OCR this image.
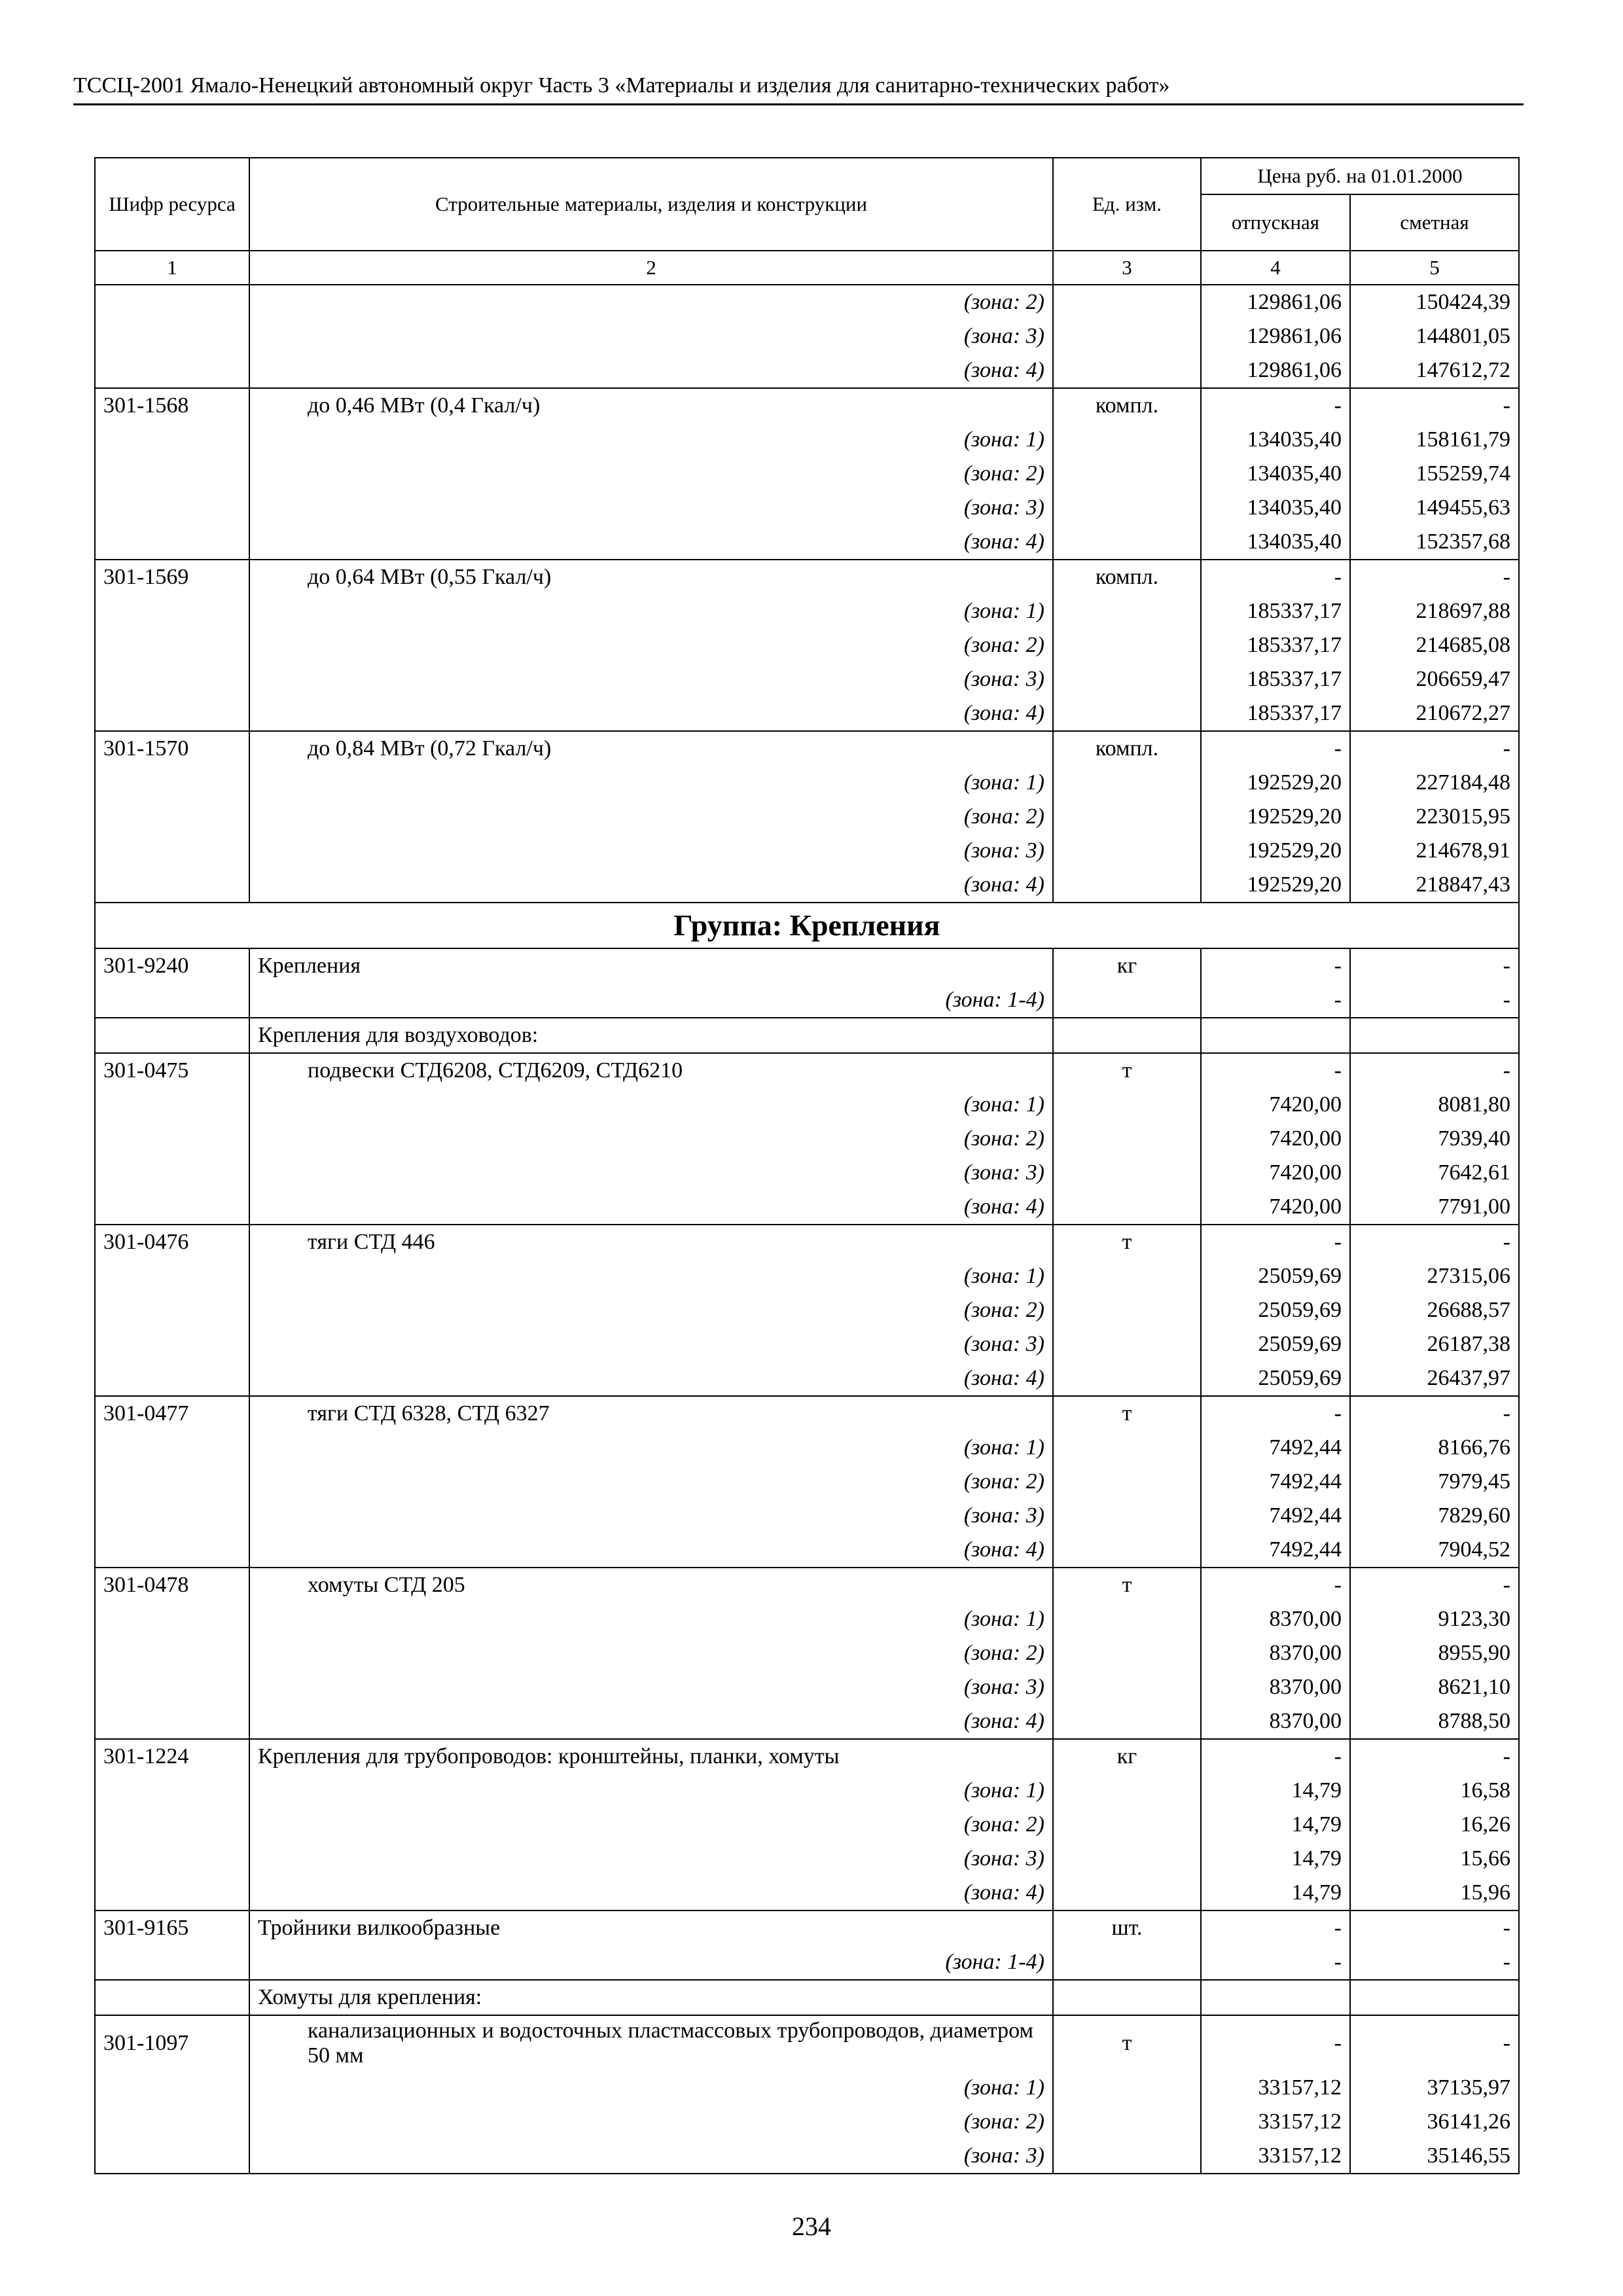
ТССЦ-2001 Ямало-Ненецкий автономный округ Часть 3 «Материалы и изделия для санитарно-технических работ»
Шифр ресурса	Строительные материалы, изделия и конструкции	Ед. изм.	Цена руб. на 01.01.2000	
			отпускная	сметная
1	2	3	4	5
	(зона: 2)		129861,06	150424,39
	(зона: 3)		129861,06	144801,05
	(зона: 4)		129861,06	147612,72
301-1568	до 0,46 МВт (0,4 Гкал/ч)	компл.	-	-
	(зона: 1)		134035,40	158161,79
	(зона: 2)		134035,40	155259,74
	(зона: 3)		134035,40	149455,63
	(зона: 4)		134035,40	152357,68
301-1569	до 0,64 МВт (0,55 Гкал/ч)	компл.	-	-
	(зона: 1)		185337,17	218697,88
	(зона: 2)		185337,17	214685,08
	(зона: 3)		185337,17	206659,47
	(зона: 4)		185337,17	210672,27
301-1570	до 0,84 МВт (0,72 Гкал/ч)	компл.	-	-
	(зона: 1)		192529,20	227184,48
	(зона: 2)		192529,20	223015,95
	(зона: 3)		192529,20	214678,91
	(зона: 4)		192529,20	218847,43
Группа: Крепления				
301-9240	Крепления	кг	-	-
	(зона: 1-4)		-	-
	Крепления для воздуховодов:			
301-0475	подвески СТД6208, СТД6209, СТД6210	т	-	-
	(зона: 1)		7420,00	8081,80
	(зона: 2)		7420,00	7939,40
	(зона: 3)		7420,00	7642,61
	(зона: 4)		7420,00	7791,00
301-0476	тяги СТД 446	т	-	-
	(зона: 1)		25059,69	27315,06
	(зона: 2)		25059,69	26688,57
	(зона: 3)		25059,69	26187,38
	(зона: 4)		25059,69	26437,97
301-0477	тяги СТД 6328, СТД 6327	т	-	-
	(зона: 1)		7492,44	8166,76
	(зона: 2)		7492,44	7979,45
	(зона: 3)		7492,44	7829,60
	(зона: 4)		7492,44	7904,52
301-0478	хомуты СТД 205	т	-	-
	(зона: 1)		8370,00	9123,30
	(зона: 2)		8370,00	8955,90
	(зона: 3)		8370,00	8621,10
	(зона: 4)		8370,00	8788,50
301-1224	Крепления для трубопроводов: кронштейны, планки, хомуты	кг	-	-
	(зона: 1)		14,79	16,58
	(зона: 2)		14,79	16,26
	(зона: 3)		14,79	15,66
	(зона: 4)		14,79	15,96
301-9165	Тройники вилкообразные	шт.	-	-
	(зона: 1-4)		-	-
	Хомуты для крепления:			
301-1097	канализационных и водосточных пластмассовых трубопроводов, диаметром 50 мм	т	-	-
	(зона: 1)		33157,12	37135,97
	(зона: 2)		33157,12	36141,26
	(зона: 3)		33157,12	35146,55
234
